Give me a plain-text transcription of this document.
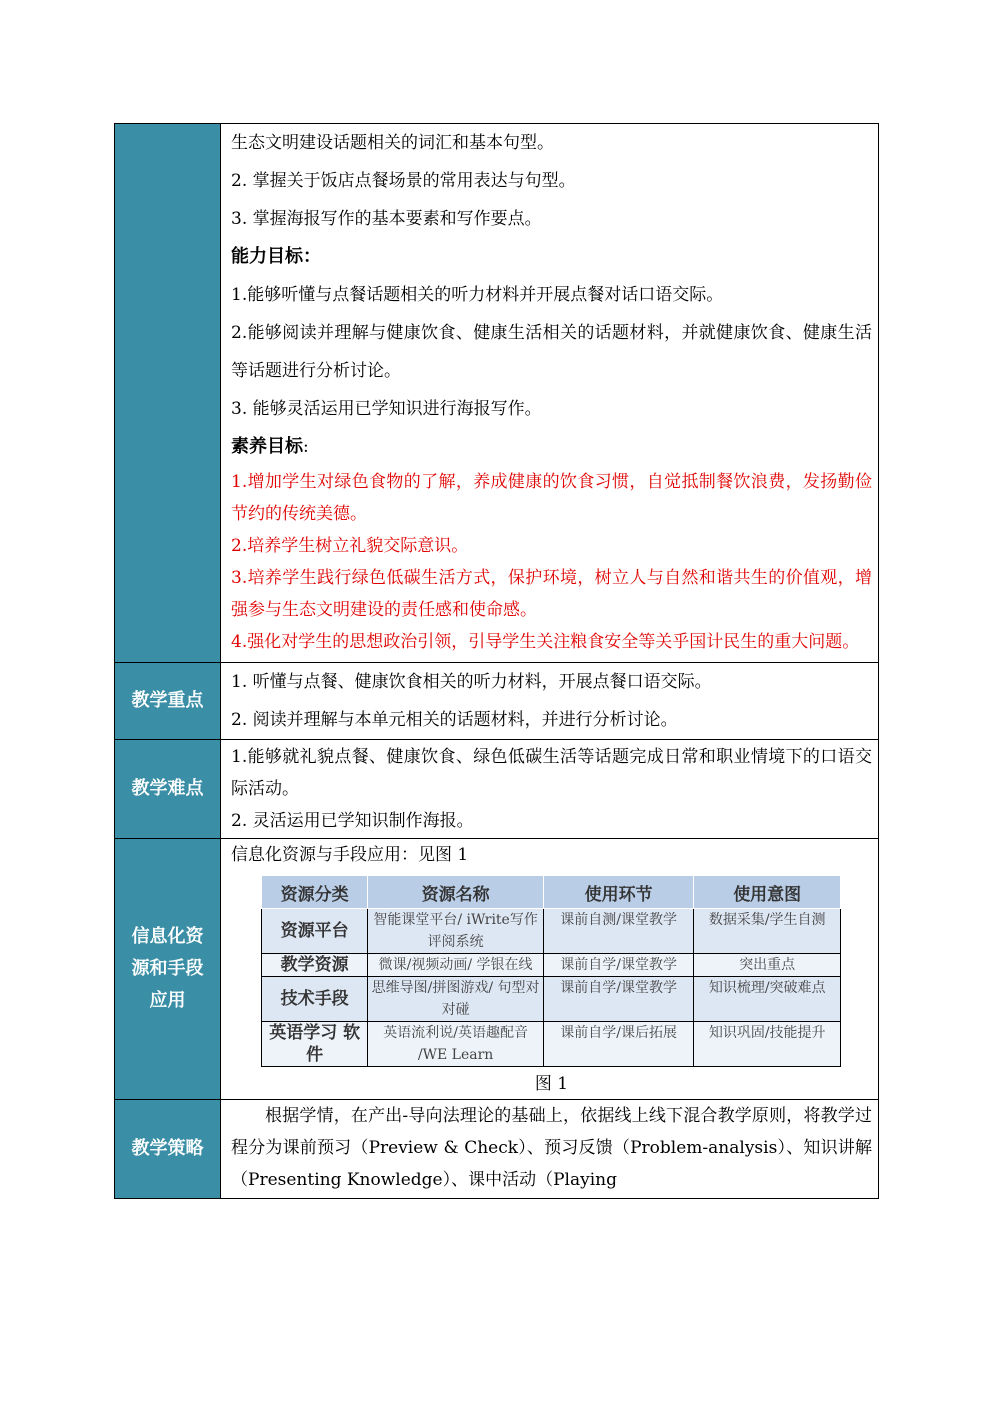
生态文明建设话题相关的词汇和基本句型。
2. 掌握关于饭店点餐场景的常用表达与句型。
3. 掌握海报写作的基本要素和写作要点。
能力目标：
1.能够听懂与点餐话题相关的听力材料并开展点餐对话口语交际。
2.能够阅读并理解与健康饮食、健康生活相关的话题材料，并就健康饮食、健康生活等话题进行分析讨论。
3. 能够灵活运用已学知识进行海报写作。
素养目标:
1.增加学生对绿色食物的了解，养成健康的饮食习惯，自觉抵制餐饮浪费，发扬勤俭节约的传统美德。
2.培养学生树立礼貌交际意识。
3.培养学生践行绿色低碳生活方式，保护环境，树立人与自然和谐共生的价值观，增强参与生态文明建设的责任感和使命感。
4.强化对学生的思想政治引领，引导学生关注粮食安全等关乎国计民生的重大问题。

教学重点	
1. 听懂与点餐、健康饮食相关的听力材料，开展点餐口语交际。
2. 阅读并理解与本单元相关的话题材料，并进行分析讨论。

教学难点	
1.能够就礼貌点餐、健康饮食、绿色低碳生活等话题完成日常和职业情境下的口语交际活动。
2. 灵活运用已学知识制作海报。

信息化资
源和手段
应用

信息化资源与手段应用：见图 1
资源分类	资源名称	使用环节	使用意图
资源平台	智能课堂平台/ iWrite写作评阅系统	课前自测/课堂教学	数据采集/学生自测
教学资源	微课/视频动画/ 学银在线	课前自学/课堂教学	突出重点
技术手段	思维导图/拼图游戏/ 句型对对碰	课前自学/课堂教学	知识梳理/突破难点
英语学习 软件	英语流利说/英语趣配音 /WE Learn	课前自学/课后拓展	知识巩固/技能提升
图 1

教学策略	
根据学情，在产出-导向法理论的基础上，依据线上线下混合教学原则，将教学过程分为课前预习（Preview & Check）、预习反馈（Problem-analysis）、知识讲解（Presenting Knowledge）、课中活动（Playing
